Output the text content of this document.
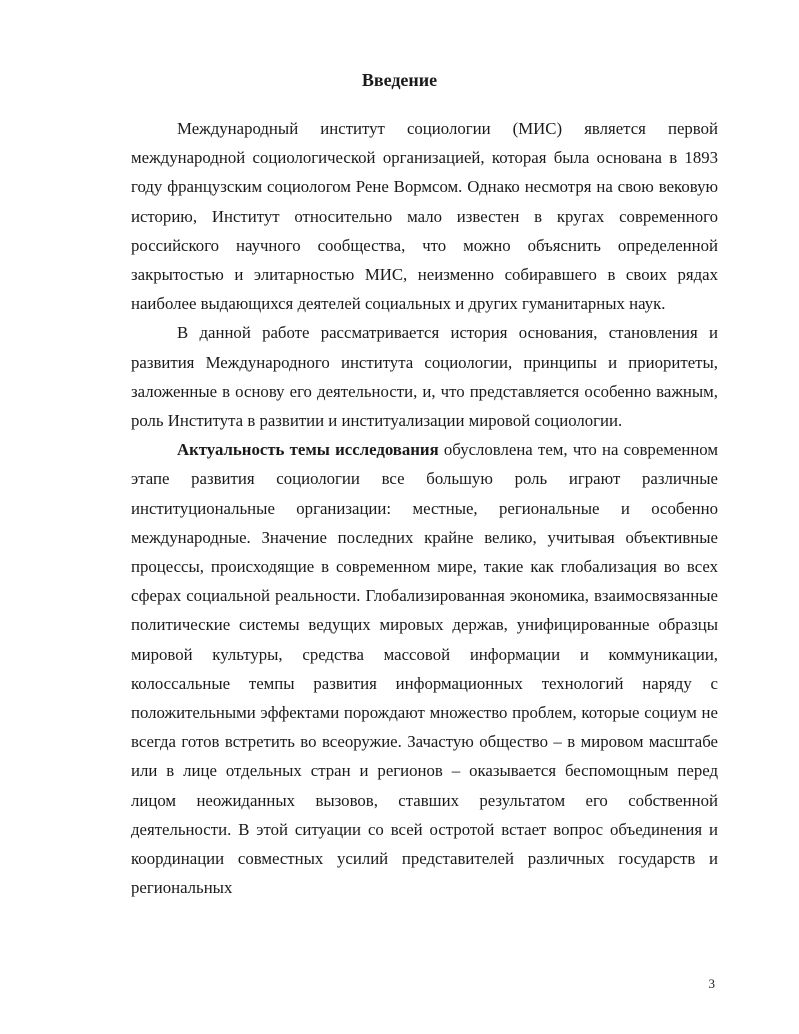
Введение

Международный институт социологии (МИС) является первой международной социологической организацией, которая была основана в 1893 году французским социологом Рене Вормсом. Однако несмотря на свою вековую историю, Институт относительно мало известен в кругах современного российского научного сообщества, что можно объяснить определенной закрытостью и элитарностью МИС, неизменно собиравшего в своих рядах наиболее выдающихся деятелей социальных и других гуманитарных наук.

В данной работе рассматривается история основания, становления и развития Международного института социологии, принципы и приоритеты, заложенные в основу его деятельности, и, что представляется особенно важным, роль Института в развитии и институализации мировой социологии.

Актуальность темы исследования обусловлена тем, что на современном этапе развития социологии все большую роль играют различные институциональные организации: местные, региональные и особенно международные. Значение последних крайне велико, учитывая объективные процессы, происходящие в современном мире, такие как глобализация во всех сферах социальной реальности. Глобализированная экономика, взаимосвязанные политические системы ведущих мировых держав, унифицированные образцы мировой культуры, средства массовой информации и коммуникации, колоссальные темпы развития информационных технологий наряду с положительными эффектами порождают множество проблем, которые социум не всегда готов встретить во всеоружие. Зачастую общество – в мировом масштабе или в лице отдельных стран и регионов – оказывается беспомощным перед лицом неожиданных вызовов, ставших результатом его собственной деятельности. В этой ситуации со всей остротой встает вопрос объединения и координации совместных усилий представителей различных государств и региональных

3
